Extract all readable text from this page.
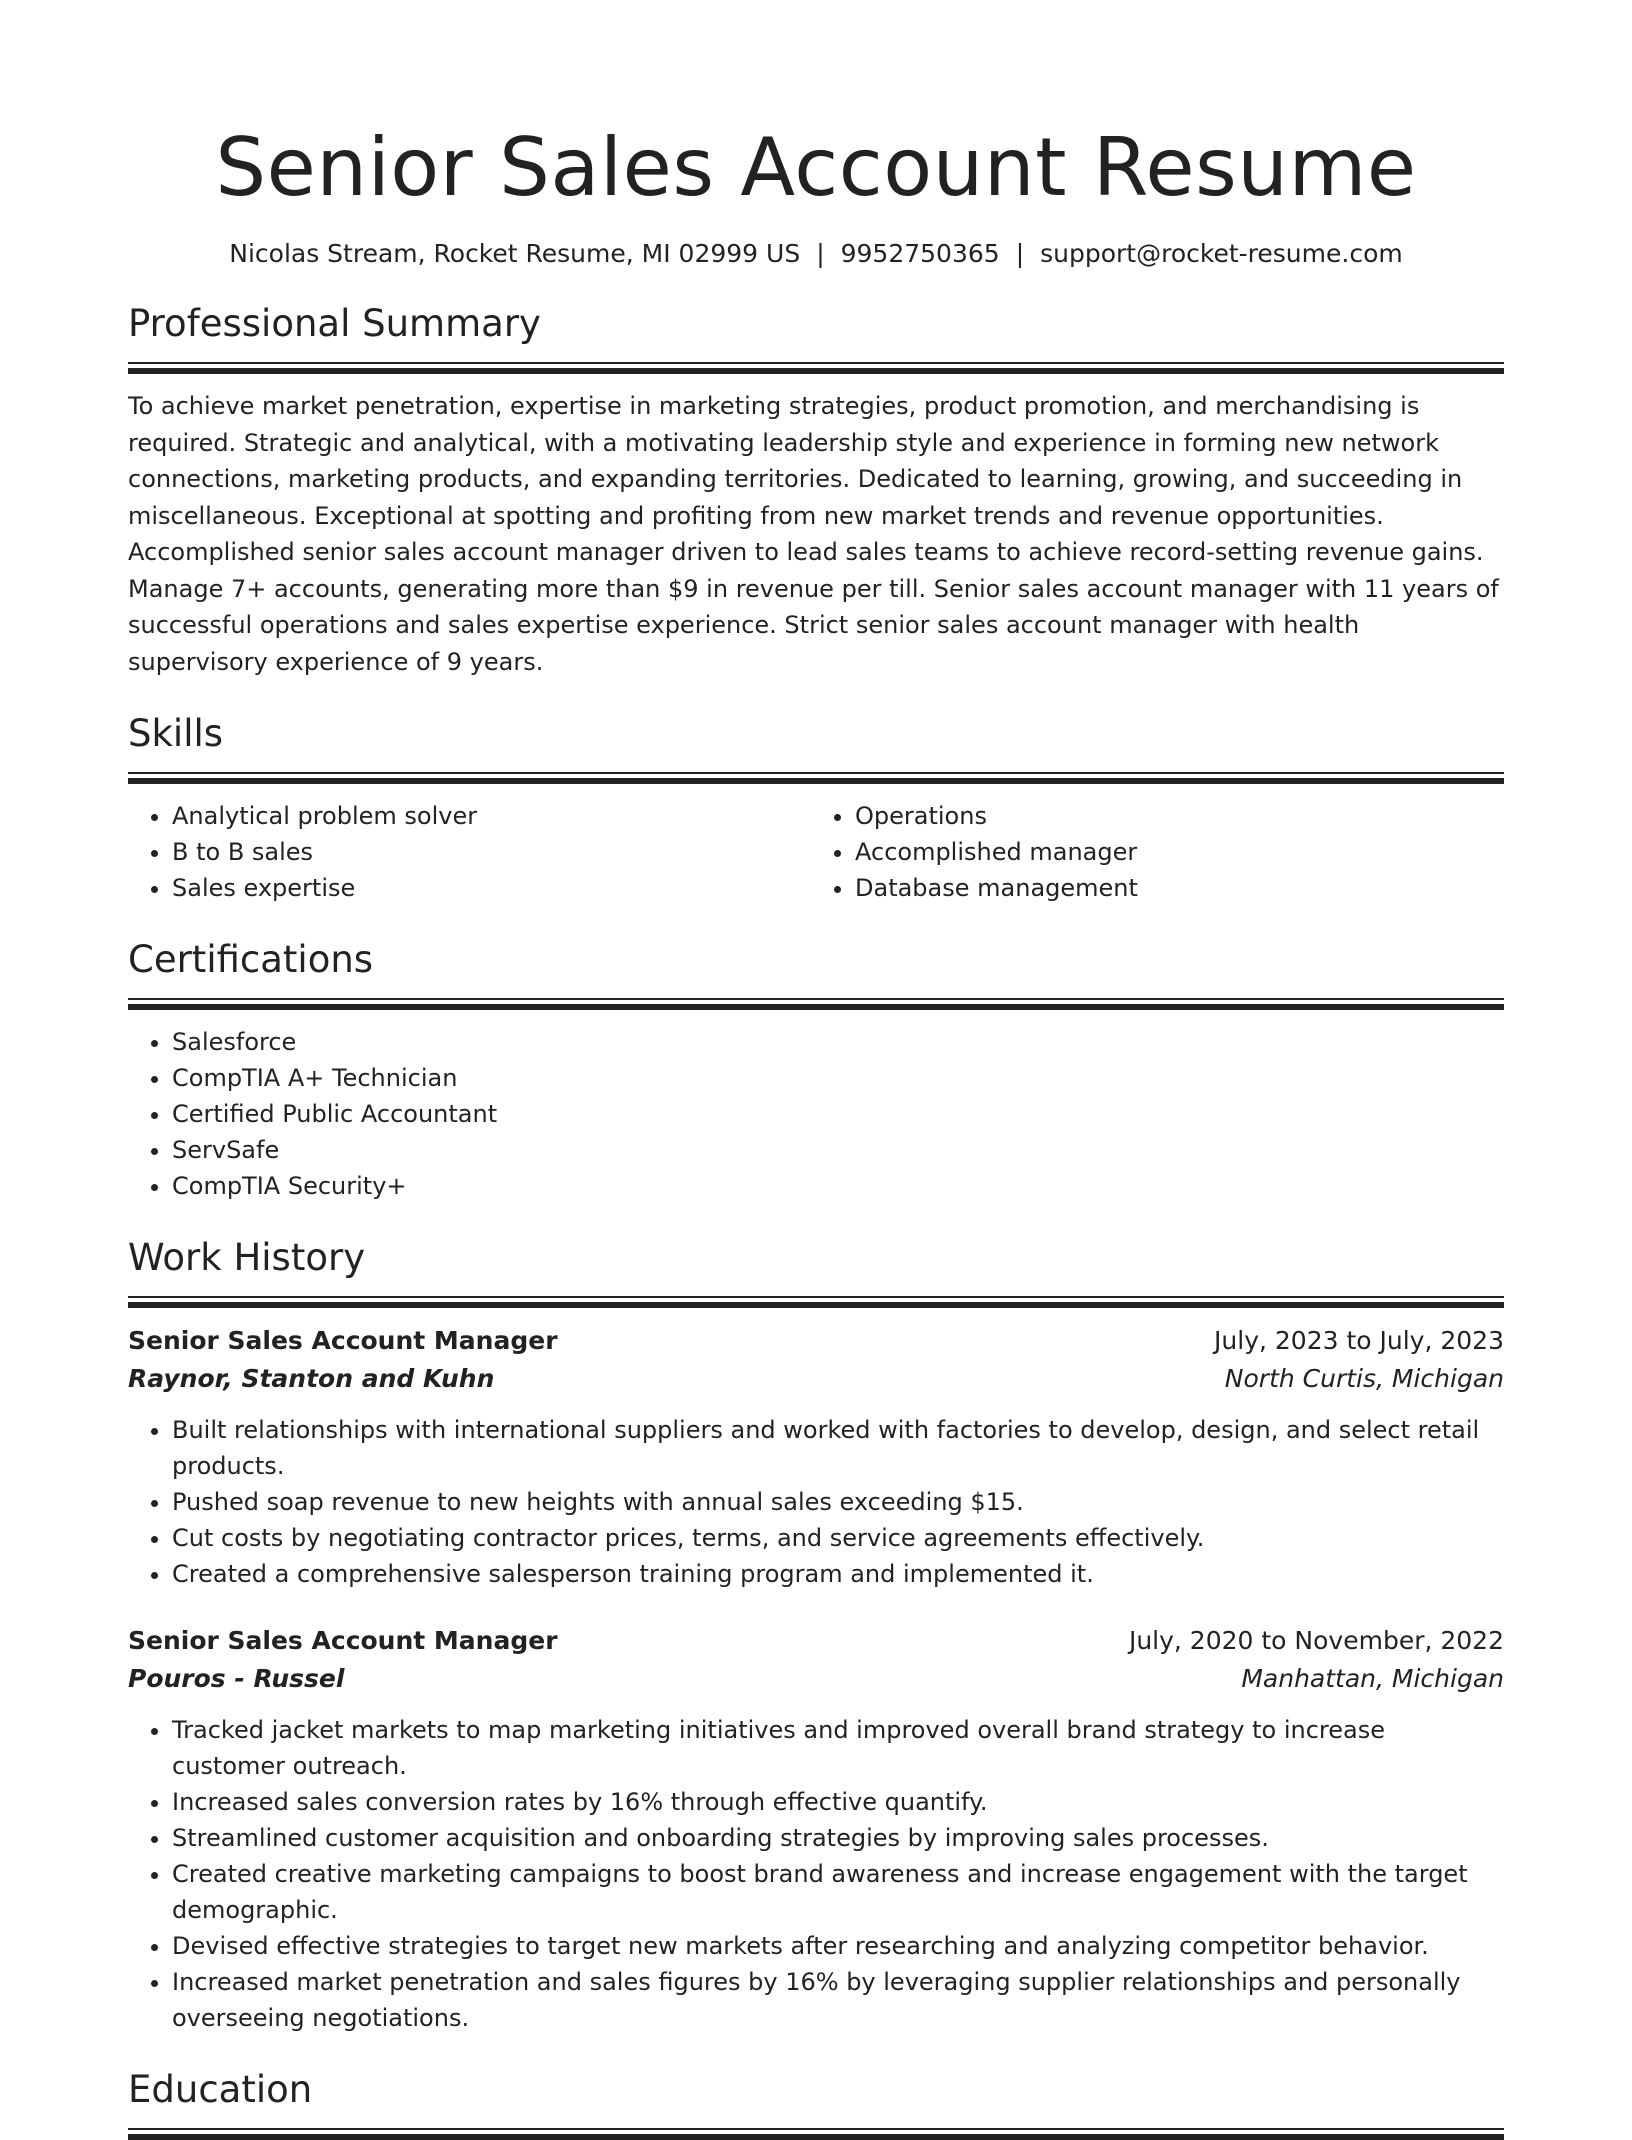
Senior Sales Account Resume
Nicolas Stream, Rocket Resume, MI 02999 US | 9952750365 | support@rocket-resume.com
Professional Summary

To achieve market penetration, expertise in marketing strategies, product promotion, and merchandising is required. Strategic and analytical, with a motivating leadership style and experience in forming new network connections, marketing products, and expanding territories. Dedicated to learning, growing, and succeeding in miscellaneous. Exceptional at spotting and profiting from new market trends and revenue opportunities. Accomplished senior sales account manager driven to lead sales teams to achieve record-setting revenue gains. Manage 7+ accounts, generating more than $9 in revenue per till. Senior sales account manager with 11 years of successful operations and sales expertise experience. Strict senior sales account manager with health supervisory experience of 9 years.

Skills
• Analytical problem solver
• B to B sales
• Sales expertise
• Operations
• Accomplished manager
• Database management
Certifications
• Salesforce
• CompTIA A+ Technician
• Certified Public Accountant
• ServSafe
• CompTIA Security+
Work History
Senior Sales Account Manager	July, 2023 to July, 2023
Raynor, Stanton and Kuhn	North Curtis, Michigan
• Built relationships with international suppliers and worked with factories to develop, design, and select retail products.
• Pushed soap revenue to new heights with annual sales exceeding $15.
• Cut costs by negotiating contractor prices, terms, and service agreements effectively.
• Created a comprehensive salesperson training program and implemented it.
Senior Sales Account Manager	July, 2020 to November, 2022
Pouros - Russel	Manhattan, Michigan
• Tracked jacket markets to map marketing initiatives and improved overall brand strategy to increase customer outreach.
• Increased sales conversion rates by 16% through effective quantify.
• Streamlined customer acquisition and onboarding strategies by improving sales processes.
• Created creative marketing campaigns to boost brand awareness and increase engagement with the target demographic.
• Devised effective strategies to target new markets after researching and analyzing competitor behavior.
• Increased market penetration and sales figures by 16% by leveraging supplier relationships and personally overseeing negotiations.
Education
